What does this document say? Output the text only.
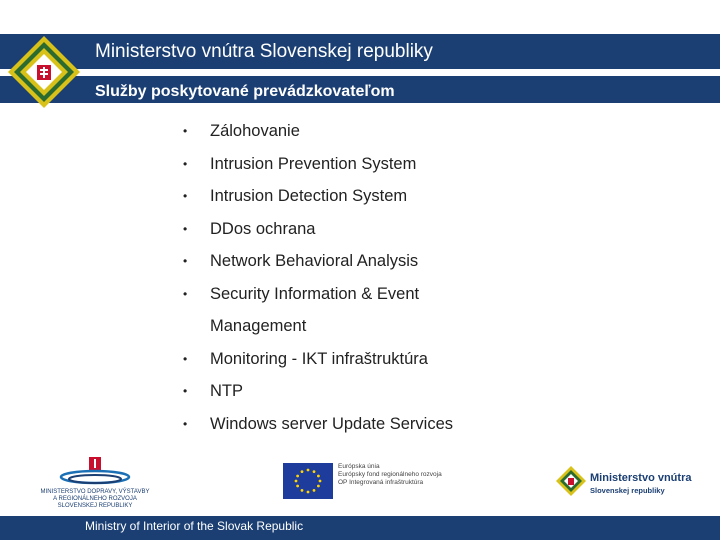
Ministerstvo vnútra Slovenskej republiky
Služby poskytované prevádzkovateľom
• Zálohovanie
• Intrusion Prevention System
• Intrusion Detection System
• DDos ochrana
• Network Behavioral Analysis
• Security Information & Event
Management
• Monitoring - IKT infraštruktúra
• NTP
• Windows server Update Services
MINISTERSTVO DOPRAVY, VÝSTAVBY
A REGIONÁLNEHO ROZVOJA
SLOVENSKEJ REPUBLIKY
Európska únia
Európsky fond regionálneho rozvoja
OP Integrovaná infraštruktúra	Ministerstvo vnútra
Slovenskej republiky
Ministry of Interior of the Slovak Republic
